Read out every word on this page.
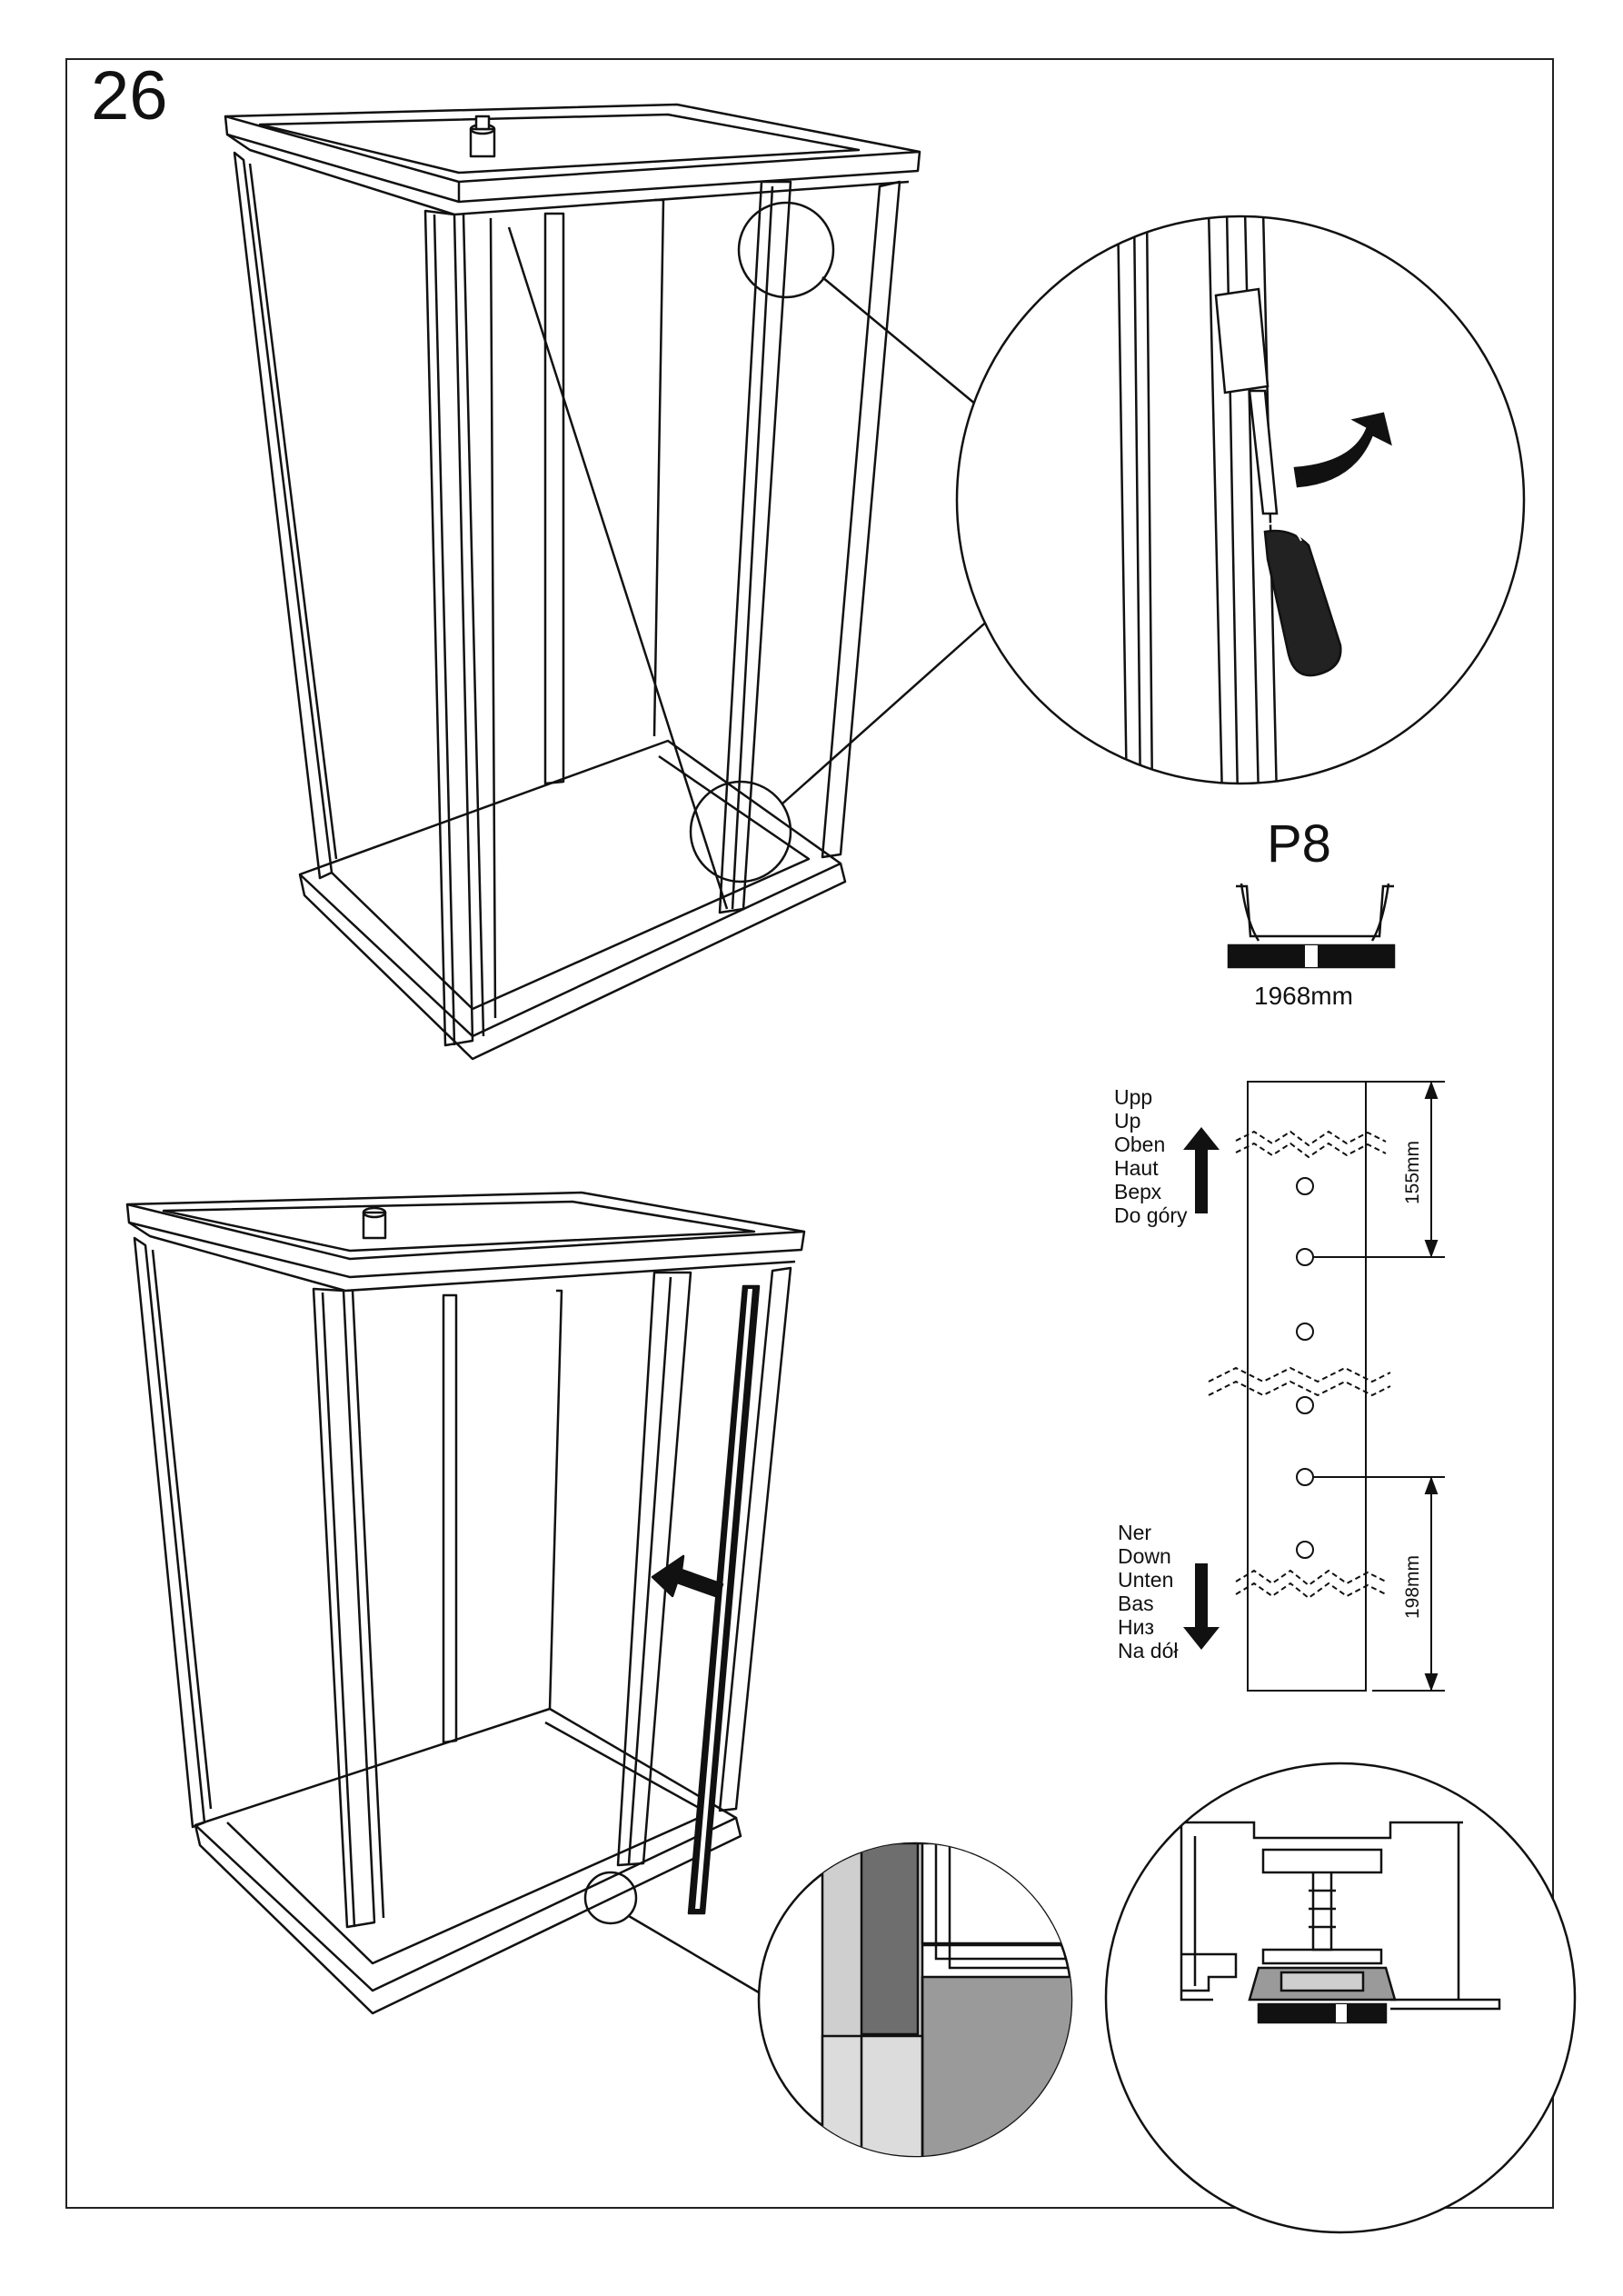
26
P8
1968mm
Upp
Up
Oben
Haut
Верх
Do góry
Ner
Down
Unten
Bas
Низ
Na dół
155mm
198mm
